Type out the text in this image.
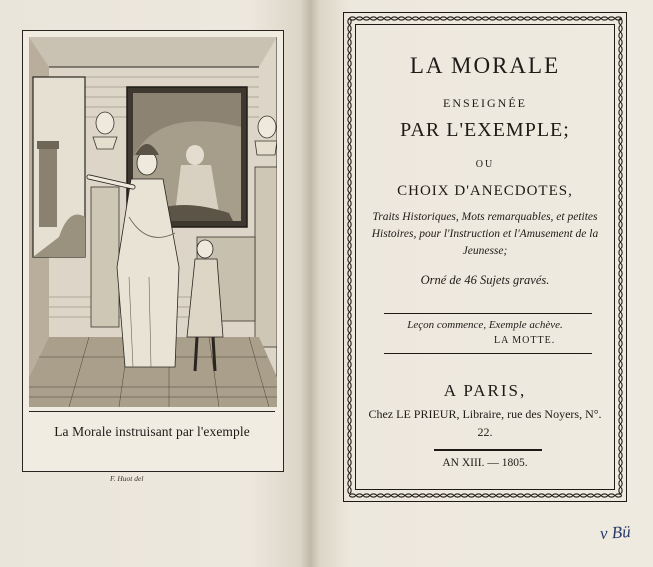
La Morale instruisant par l'exemple
F. Huot del
LA MORALE
ENSEIGNÉE
PAR L'EXEMPLE;
OU
CHOIX D'ANECDOTES,
Traits Historiques, Mots remarquables, et petites Histoires, pour l'Instruction et l'Amusement de la Jeunesse;
Orné de 46 Sujets gravés.
Leçon commence, Exemple achève.
LA MOTTE.
A PARIS,
Chez LE PRIEUR, Libraire, rue des Noyers, N°. 22.
AN XIII. — 1805.
v Bü
